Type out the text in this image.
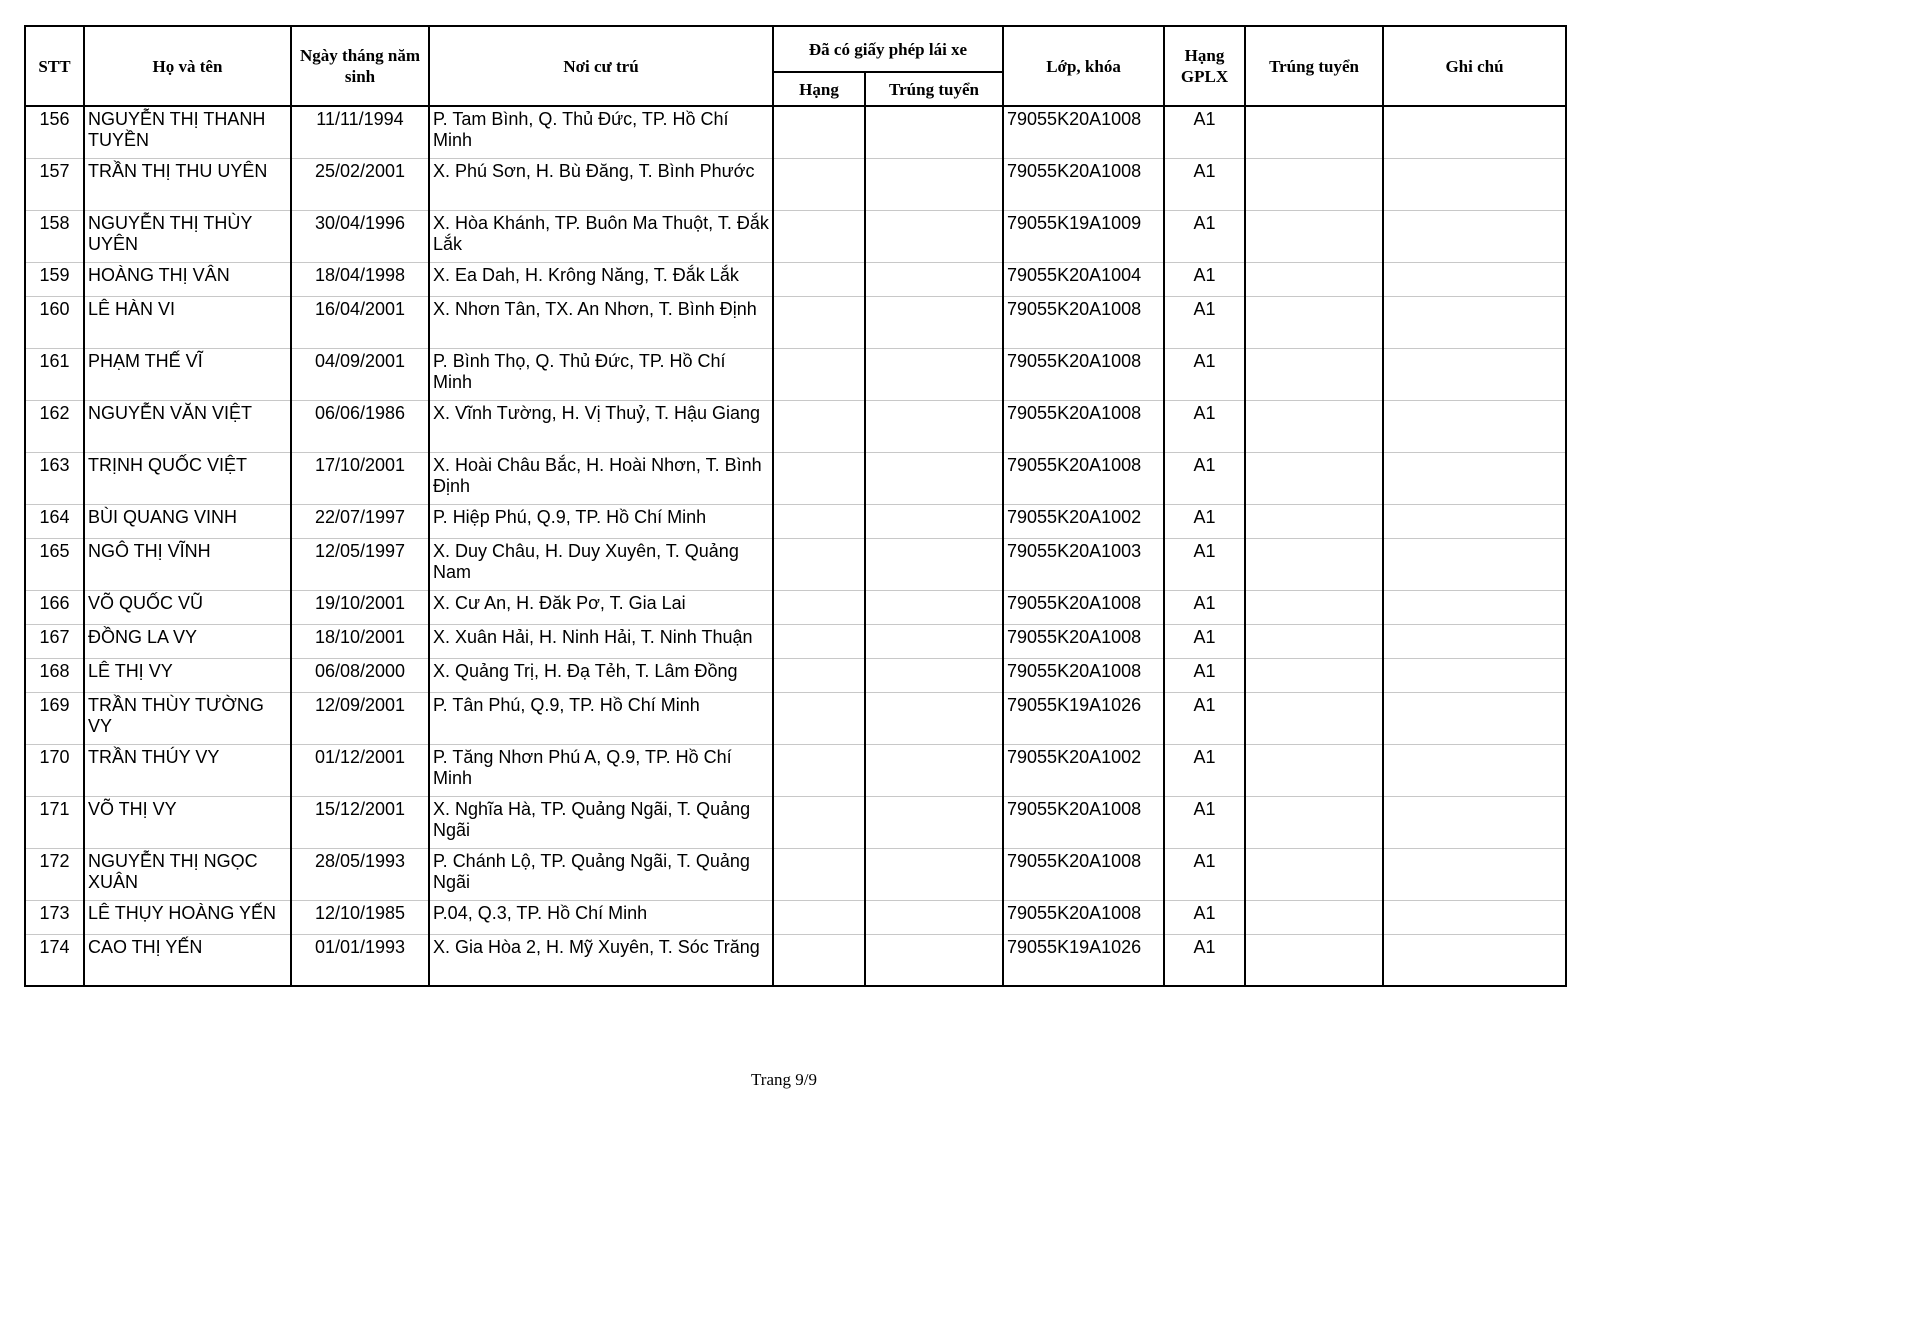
STT	Họ và tên	Ngày tháng năm sinh	Nơi cư trú	Đã có giấy phép lái xe		Lớp, khóa	Hạng GPLX	Trúng tuyển	Ghi chú
				Hạng	Trúng tuyển				
156	NGUYỄN THỊ THANH TUYỀN	11/11/1994	P. Tam Bình, Q. Thủ Đức, TP. Hồ Chí Minh			79055K20A1008	A1		
157	TRẦN THỊ THU UYÊN	25/02/2001	X. Phú Sơn, H. Bù Đăng, T. Bình Phước			79055K20A1008	A1		
158	NGUYỄN THỊ THÙY UYÊN	30/04/1996	X. Hòa Khánh, TP. Buôn Ma Thuột, T. Đắk Lắk			79055K19A1009	A1		
159	HOÀNG THỊ VÂN	18/04/1998	X. Ea Dah, H. Krông Năng, T. Đắk Lắk			79055K20A1004	A1		
160	LÊ HÀN VI	16/04/2001	X. Nhơn Tân, TX. An Nhơn, T. Bình Định			79055K20A1008	A1		
161	PHẠM THẾ VĨ	04/09/2001	P. Bình Thọ, Q. Thủ Đức, TP. Hồ Chí Minh			79055K20A1008	A1		
162	NGUYỄN VĂN VIỆT	06/06/1986	X. Vĩnh Tường, H. Vị Thuỷ, T. Hậu Giang			79055K20A1008	A1		
163	TRỊNH QUỐC VIỆT	17/10/2001	X. Hoài Châu Bắc, H. Hoài Nhơn, T. Bình Định			79055K20A1008	A1		
164	BÙI QUANG VINH	22/07/1997	P. Hiệp Phú, Q.9, TP. Hồ Chí Minh			79055K20A1002	A1		
165	NGÔ THỊ VĨNH	12/05/1997	X. Duy Châu, H. Duy Xuyên, T. Quảng Nam			79055K20A1003	A1		
166	VÕ QUỐC VŨ	19/10/2001	X. Cư An, H. Đăk Pơ, T. Gia Lai			79055K20A1008	A1		
167	ĐỒNG LA VY	18/10/2001	X. Xuân Hải, H. Ninh Hải, T. Ninh Thuận			79055K20A1008	A1		
168	LÊ THỊ VY	06/08/2000	X. Quảng Trị, H. Đạ Tẻh, T. Lâm Đồng			79055K20A1008	A1		
169	TRẦN THÙY TƯỜNG VY	12/09/2001	P. Tân Phú, Q.9, TP. Hồ Chí Minh			79055K19A1026	A1		
170	TRẦN THÚY VY	01/12/2001	P. Tăng Nhơn Phú A, Q.9, TP. Hồ Chí Minh			79055K20A1002	A1		
171	VÕ THỊ VY	15/12/2001	X. Nghĩa Hà, TP. Quảng Ngãi, T. Quảng Ngãi			79055K20A1008	A1		
172	NGUYỄN THỊ NGỌC XUÂN	28/05/1993	P. Chánh Lộ, TP. Quảng Ngãi, T. Quảng Ngãi			79055K20A1008	A1		
173	LÊ THỤY HOÀNG YẾN	12/10/1985	P.04, Q.3, TP. Hồ Chí Minh			79055K20A1008	A1		
174	CAO THỊ YẾN	01/01/1993	X. Gia Hòa 2, H. Mỹ Xuyên, T. Sóc Trăng			79055K19A1026	A1		
Trang 9/9
